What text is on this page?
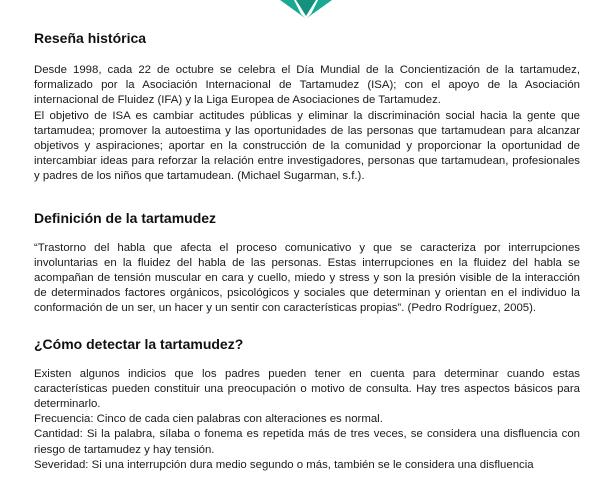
Reseña histórica

Desde 1998, cada 22 de octubre se celebra el Día Mundial de la Concientización de la tartamudez, formalizado por la Asociación Internacional de Tartamudez (ISA); con el apoyo de la Asociación internacional de Fluidez (IFA) y la Liga Europea de Asociaciones de Tartamudez.

El objetivo de ISA es cambiar actitudes públicas y eliminar la discriminación social hacia la gente que tartamudea; promover la autoestima y las oportunidades de las personas que tartamudean para alcanzar objetivos y aspiraciones; aportar en la construcción de la comunidad y proporcionar la oportunidad de intercambiar ideas para reforzar la relación entre investigadores, personas que tartamudean, profesionales y padres de los niños que tartamudean. (Michael Sugarman, s.f.).

Definición de la tartamudez

“Trastorno del habla que afecta el proceso comunicativo y que se caracteriza por interrupciones involuntarias en la fluidez del habla de las personas. Estas interrupciones en la fluidez del habla se acompañan de tensión muscular en cara y cuello, miedo y stress y son la presión visible de la interacción de determinados factores orgánicos, psicológicos y sociales que determinan y orientan en el individuo la conformación de un ser, un hacer y un sentir con características propias”. (Pedro Rodríguez, 2005).

¿Cómo detectar la tartamudez?

Existen algunos indicios que los padres pueden tener en cuenta para determinar cuando estas características pueden constituir una preocupación o motivo de consulta. Hay tres aspectos básicos para determinarlo.

Frecuencia: Cinco de cada cien palabras con alteraciones es normal.

Cantidad: Si la palabra, sílaba o fonema es repetida más de tres veces, se considera una disfluencia con riesgo de tartamudez y hay tensión.

Severidad: Si una interrupción dura medio segundo o más, también se le considera una disfluencia
